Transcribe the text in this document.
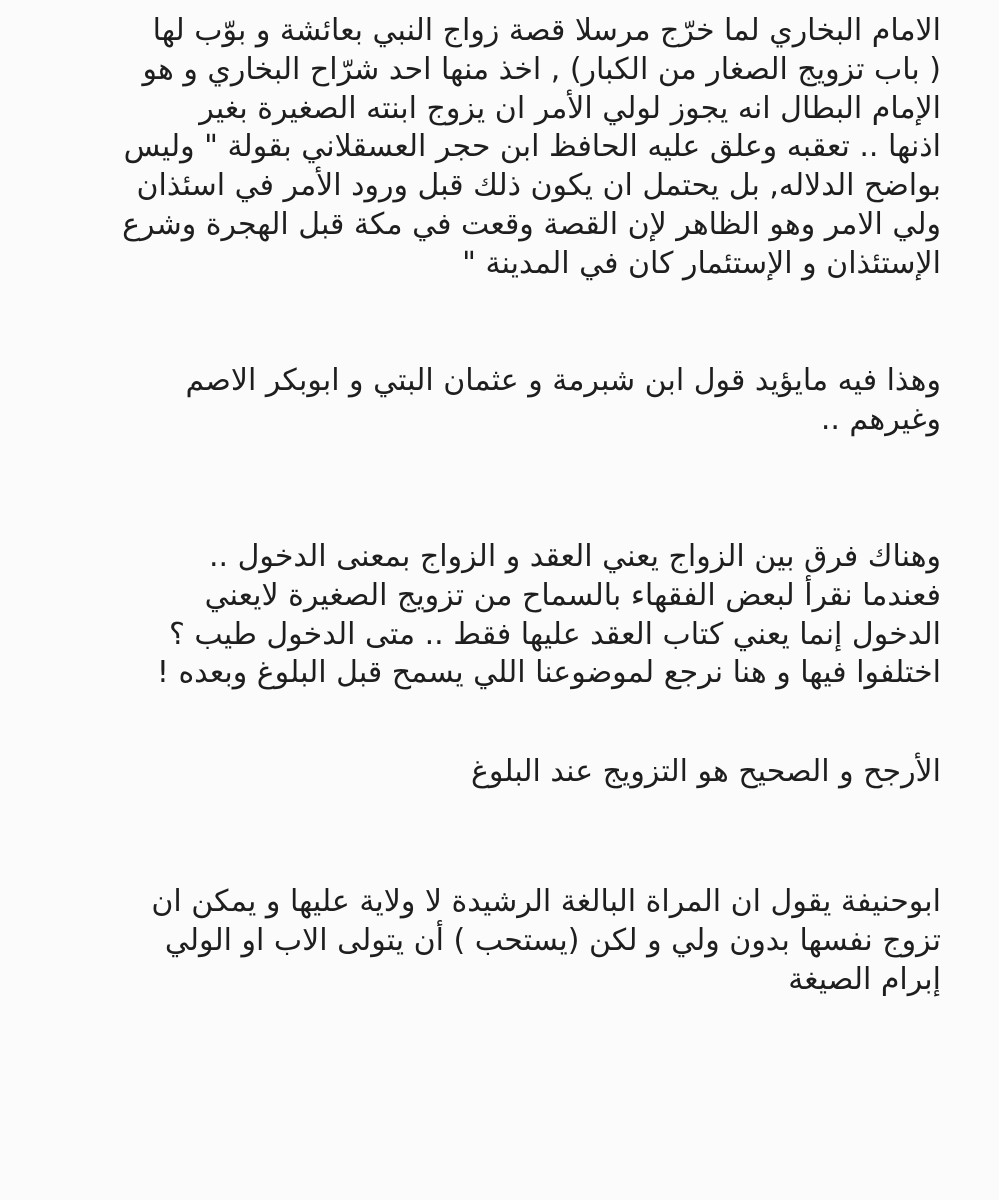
الامام البخاري لما خرّج مرسلا قصة زواج النبي بعائشة و بوّب لها
( باب تزويج الصغار من الكبار) , اخذ منها احد شرّاح البخاري و هو
الإمام البطال انه يجوز لولي الأمر ان يزوج ابنته الصغيرة بغير
اذنها .. تعقبه وعلق عليه الحافظ ابن حجر العسقلاني بقولة " وليس
بواضح الدلاله, بل يحتمل ان يكون ذلك قبل ورود الأمر في اسئذان
ولي الامر وهو الظاهر لإن القصة وقعت في مكة قبل الهجرة وشرع
الإستئذان و الإستئمار كان في المدينة "
وهذا فيه مايؤيد قول ابن شبرمة و عثمان البتي و ابوبكر الاصم
وغيرهم ..
وهناك فرق بين الزواج يعني العقد و الزواج بمعنى الدخول ..
فعندما نقرأ لبعض الفقهاء بالسماح من تزويج الصغيرة لايعني
الدخول إنما يعني كتاب العقد عليها فقط .. متى الدخول طيب ؟
اختلفوا فيها و هنا نرجع لموضوعنا اللي يسمح قبل البلوغ وبعده !
الأرجح و الصحيح هو التزويج عند البلوغ
ابوحنيفة يقول ان المراة البالغة الرشيدة لا ولاية عليها و يمكن ان
تزوج نفسها بدون ولي و لكن (يستحب ) أن يتولى الاب او الولي
إبرام الصيغة
